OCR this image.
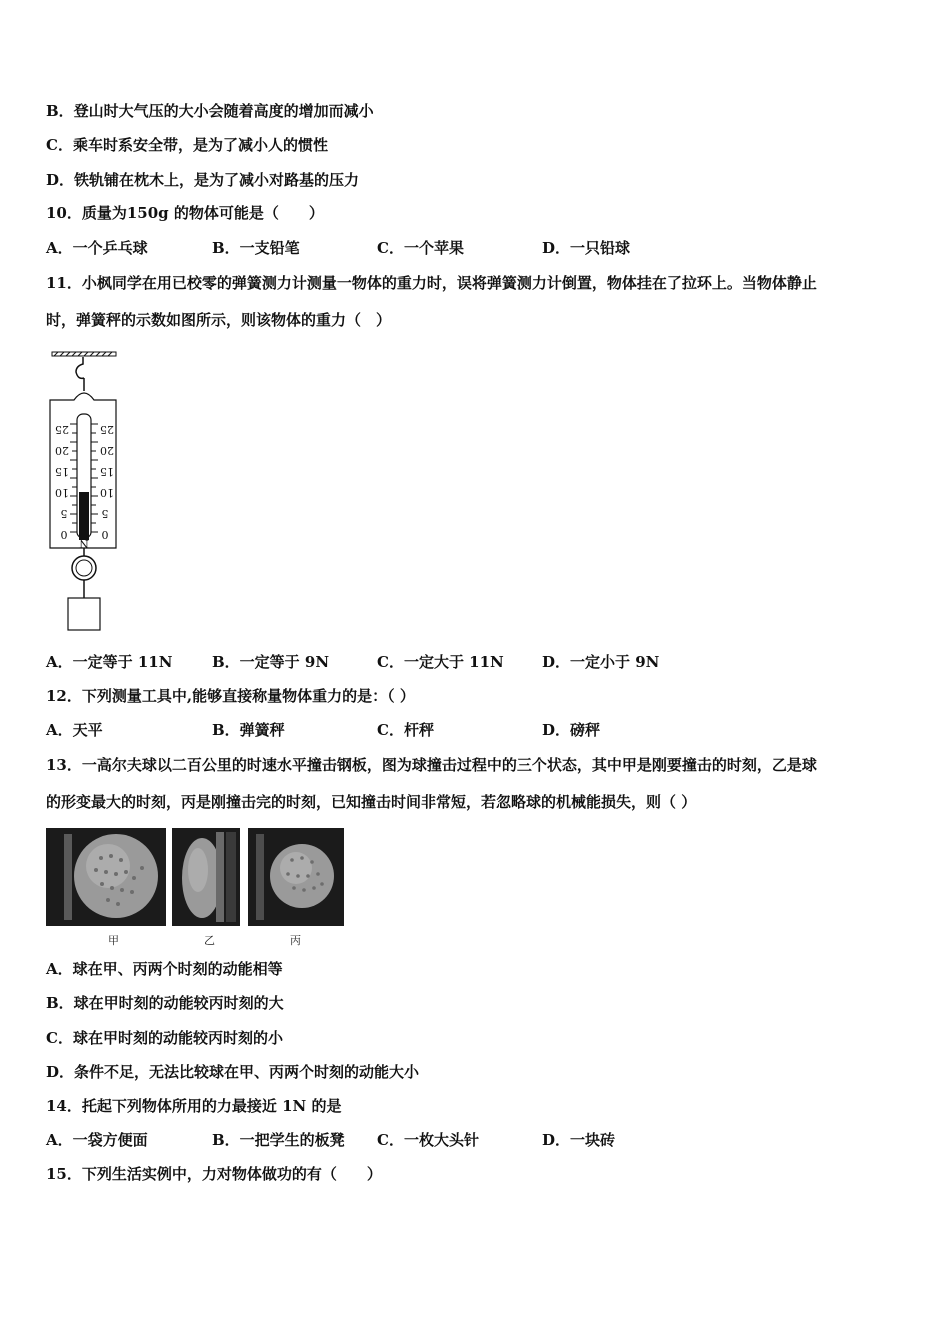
B．登山时大气压的大小会随着高度的增加而减小
C．乘车时系安全带，是为了减小人的惯性
D．铁轨铺在枕木上，是为了减小对路基的压力
10．质量为150g 的物体可能是（　　）
A．一个乒乓球	B．一支铅笔	C．一个苹果	D．一只铅球
11．小枫同学在用已校零的弹簧测力计测量一物体的重力时，误将弹簧测力计倒置，物体挂在了拉环上。当物体静止
时，弹簧秤的示数如图所示，则该物体的重力（　）
25
20
15
10
5
0
25
20
15
10
5
0
N
A．一定等于 11N	B．一定等于 9N	C．一定大于 11N	D．一定小于 9N
12．下列测量工具中,能够直接称量物体重力的是：（ ）
A．天平	B．弹簧秤	C．杆秤	D．磅秤
13．一高尔夫球以二百公里的时速水平撞击钢板，图为球撞击过程中的三个状态，其中甲是刚要撞击的时刻，乙是球
的形变最大的时刻，丙是刚撞击完的时刻，已知撞击时间非常短，若忽略球的机械能损失，则（ ）
甲	乙	丙
A．球在甲、丙两个时刻的动能相等
B．球在甲时刻的动能较丙时刻的大
C．球在甲时刻的动能较丙时刻的小
D．条件不足，无法比较球在甲、丙两个时刻的动能大小
14．托起下列物体所用的力最接近 1N 的是
A．一袋方便面	B．一把学生的板凳 C．一枚大头针	D．一块砖
15．下列生活实例中，力对物体做功的有（　　）
